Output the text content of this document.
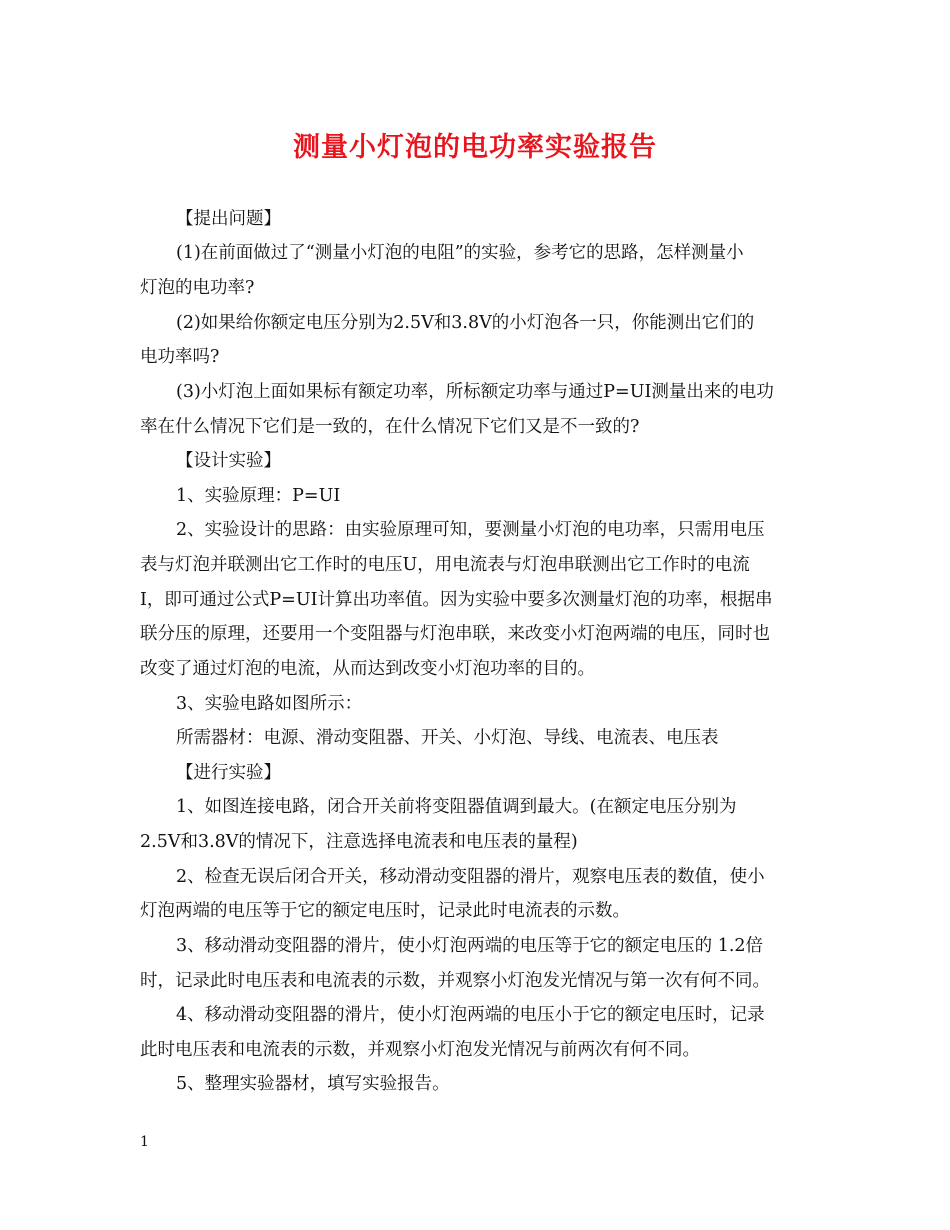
测量小灯泡的电功率实验报告
【提出问题】
(1)在前面做过了“测量小灯泡的电阻”的实验，参考它的思路，怎样测量小
灯泡的电功率?
(2)如果给你额定电压分别为2.5V和3.8V的小灯泡各一只，你能测出它们的
电功率吗?
(3)小灯泡上面如果标有额定功率，所标额定功率与通过P=UI测量出来的电功
率在什么情况下它们是一致的，在什么情况下它们又是不一致的?
【设计实验】
1、实验原理：P=UI
2、实验设计的思路：由实验原理可知，要测量小灯泡的电功率，只需用电压
表与灯泡并联测出它工作时的电压U，用电流表与灯泡串联测出它工作时的电流
I，即可通过公式P=UI计算出功率值。因为实验中要多次测量灯泡的功率，根据串
联分压的原理，还要用一个变阻器与灯泡串联，来改变小灯泡两端的电压，同时也
改变了通过灯泡的电流，从而达到改变小灯泡功率的目的。
3、实验电路如图所示：
所需器材：电源、滑动变阻器、开关、小灯泡、导线、电流表、电压表
【进行实验】
1、如图连接电路，闭合开关前将变阻器值调到最大。(在额定电压分别为
2.5V和3.8V的情况下，注意选择电流表和电压表的量程)
2、检查无误后闭合开关，移动滑动变阻器的滑片，观察电压表的数值，使小
灯泡两端的电压等于它的额定电压时，记录此时电流表的示数。
3、移动滑动变阻器的滑片，使小灯泡两端的电压等于它的额定电压的 1.2倍
时，记录此时电压表和电流表的示数，并观察小灯泡发光情况与第一次有何不同。
4、移动滑动变阻器的滑片，使小灯泡两端的电压小于它的额定电压时，记录
此时电压表和电流表的示数，并观察小灯泡发光情况与前两次有何不同。
5、整理实验器材，填写实验报告。
1
